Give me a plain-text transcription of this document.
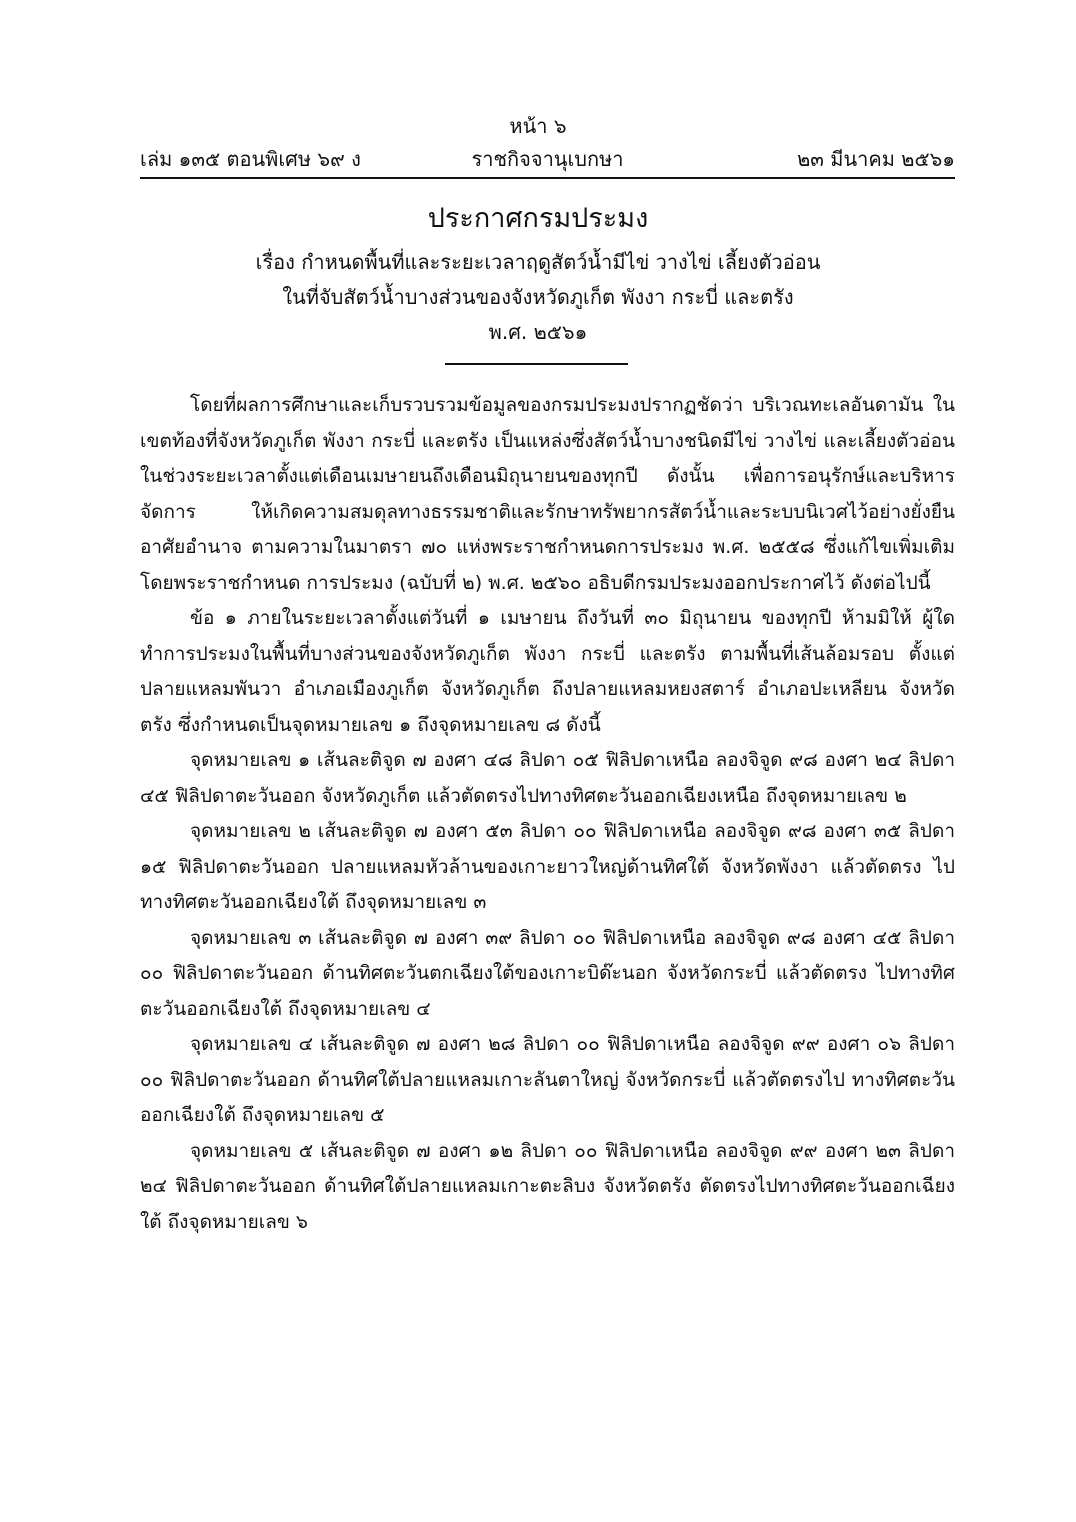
หน้า ๖
ราชกิจจานุเบกษา
เล่ม ๑๓๕ ตอนพิเศษ ๖๙ ง	๒๓ มีนาคม ๒๕๖๑
ประกาศกรมประมง
เรื่อง กำหนดพื้นที่และระยะเวลาฤดูสัตว์น้ำมีไข่ วางไข่ เลี้ยงตัวอ่อน
ในที่จับสัตว์น้ำบางส่วนของจังหวัดภูเก็ต พังงา กระบี่ และตรัง
พ.ศ. ๒๕๖๑

โดยที่ผลการศึกษาและเก็บรวบรวมข้อมูลของกรมประมงปรากฏชัดว่า บริเวณทะเลอันดามัน ในเขตท้องที่จังหวัดภูเก็ต พังงา กระบี่ และตรัง เป็นแหล่งซึ่งสัตว์น้ำบางชนิดมีไข่ วางไข่ และเลี้ยงตัวอ่อน ในช่วงระยะเวลาตั้งแต่เดือนเมษายนถึงเดือนมิถุนายนของทุกปี ดังนั้น เพื่อการอนุรักษ์และบริหารจัดการ ให้เกิดความสมดุลทางธรรมชาติและรักษาทรัพยากรสัตว์น้ำและระบบนิเวศไว้อย่างยั่งยืน อาศัยอำนาจ ตามความในมาตรา ๗๐ แห่งพระราชกำหนดการประมง พ.ศ. ๒๕๕๘ ซึ่งแก้ไขเพิ่มเติมโดยพระราชกำหนด การประมง (ฉบับที่ ๒) พ.ศ. ๒๕๖๐ อธิบดีกรมประมงออกประกาศไว้ ดังต่อไปนี้

ข้อ ๑ ภายในระยะเวลาตั้งแต่วันที่ ๑ เมษายน ถึงวันที่ ๓๐ มิถุนายน ของทุกปี ห้ามมิให้ ผู้ใดทำการประมงในพื้นที่บางส่วนของจังหวัดภูเก็ต พังงา กระบี่ และตรัง ตามพื้นที่เส้นล้อมรอบ ตั้งแต่ปลายแหลมพันวา อำเภอเมืองภูเก็ต จังหวัดภูเก็ต ถึงปลายแหลมหยงสตาร์ อำเภอปะเหลียน จังหวัดตรัง ซึ่งกำหนดเป็นจุดหมายเลข ๑ ถึงจุดหมายเลข ๘ ดังนี้

จุดหมายเลข ๑ เส้นละติจูด ๗ องศา ๔๘ ลิปดา ๐๕ ฟิลิปดาเหนือ ลองจิจูด ๙๘ องศา ๒๔ ลิปดา ๔๕ ฟิลิปดาตะวันออก จังหวัดภูเก็ต แล้วตัดตรงไปทางทิศตะวันออกเฉียงเหนือ ถึงจุดหมายเลข ๒

จุดหมายเลข ๒ เส้นละติจูด ๗ องศา ๕๓ ลิปดา ๐๐ ฟิลิปดาเหนือ ลองจิจูด ๙๘ องศา ๓๕ ลิปดา ๑๕ ฟิลิปดาตะวันออก ปลายแหลมหัวล้านของเกาะยาวใหญ่ด้านทิศใต้ จังหวัดพังงา แล้วตัดตรง ไปทางทิศตะวันออกเฉียงใต้ ถึงจุดหมายเลข ๓

จุดหมายเลข ๓ เส้นละติจูด ๗ องศา ๓๙ ลิปดา ๐๐ ฟิลิปดาเหนือ ลองจิจูด ๙๘ องศา ๔๕ ลิปดา ๐๐ ฟิลิปดาตะวันออก ด้านทิศตะวันตกเฉียงใต้ของเกาะบิด๊ะนอก จังหวัดกระบี่ แล้วตัดตรง ไปทางทิศตะวันออกเฉียงใต้ ถึงจุดหมายเลข ๔

จุดหมายเลข ๔ เส้นละติจูด ๗ องศา ๒๘ ลิปดา ๐๐ ฟิลิปดาเหนือ ลองจิจูด ๙๙ องศา ๐๖ ลิปดา ๐๐ ฟิลิปดาตะวันออก ด้านทิศใต้ปลายแหลมเกาะลันตาใหญ่ จังหวัดกระบี่ แล้วตัดตรงไป ทางทิศตะวันออกเฉียงใต้ ถึงจุดหมายเลข ๕

จุดหมายเลข ๕ เส้นละติจูด ๗ องศา ๑๒ ลิปดา ๐๐ ฟิลิปดาเหนือ ลองจิจูด ๙๙ องศา ๒๓ ลิปดา ๒๔ ฟิลิปดาตะวันออก ด้านทิศใต้ปลายแหลมเกาะตะลิบง จังหวัดตรัง ตัดตรงไปทางทิศตะวันออกเฉียงใต้ ถึงจุดหมายเลข ๖
